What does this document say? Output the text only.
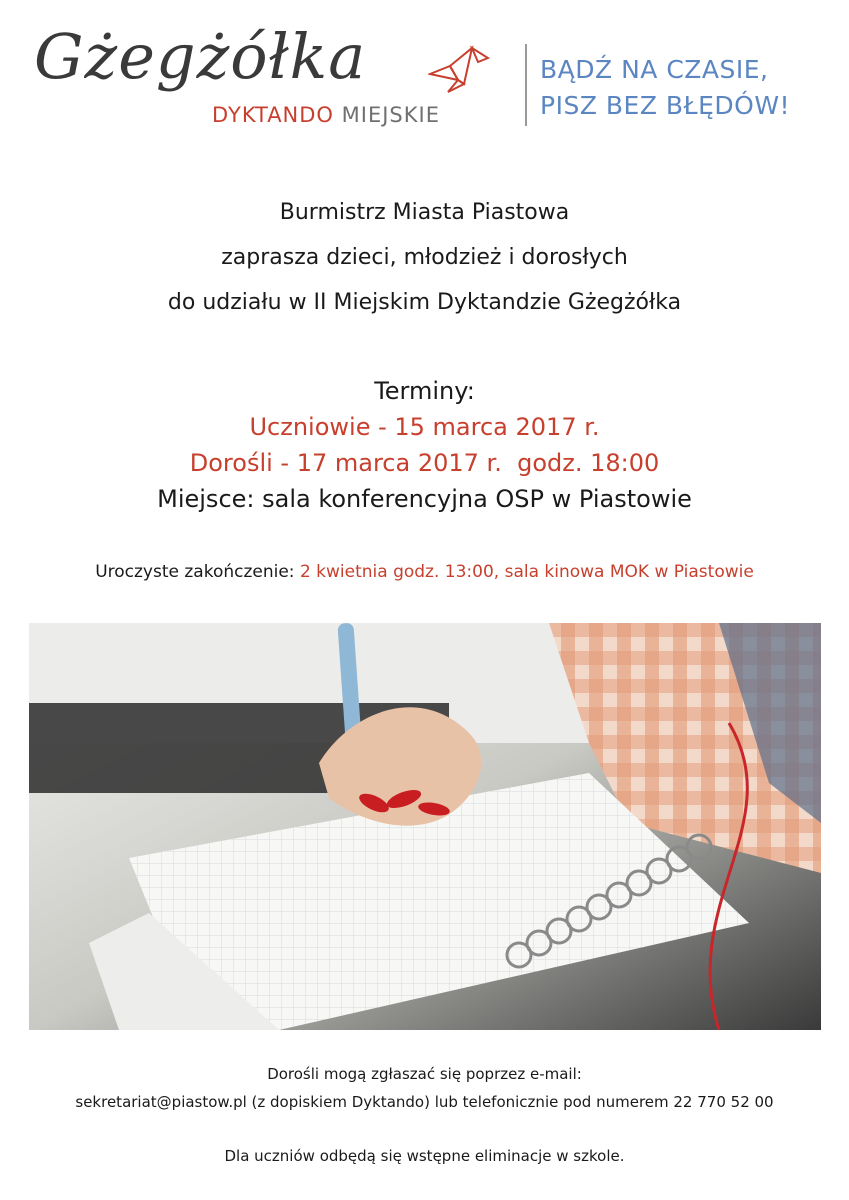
Gżegżółka
DYKTANDO MIEJSKIE
BĄDŹ NA CZASIE,
PISZ BEZ BŁĘDÓW!
Burmistrz Miasta Piastowa
zaprasza dzieci, młodzież i dorosłych
do udziału w II Miejskim Dyktandzie Gżegżółka
Terminy:
Uczniowie - 15 marca 2017 r.
Dorośli - 17 marca 2017 r.  godz. 18:00
Miejsce: sala konferencyjna OSP w Piastowie
Uroczyste zakończenie: 2 kwietnia godz. 13:00, sala kinowa MOK w Piastowie
Dorośli mogą zgłaszać się poprzez e-mail:
sekretariat@piastow.pl (z dopiskiem Dyktando) lub telefonicznie pod numerem 22 770 52 00
Dla uczniów odbędą się wstępne eliminacje w szkole.
